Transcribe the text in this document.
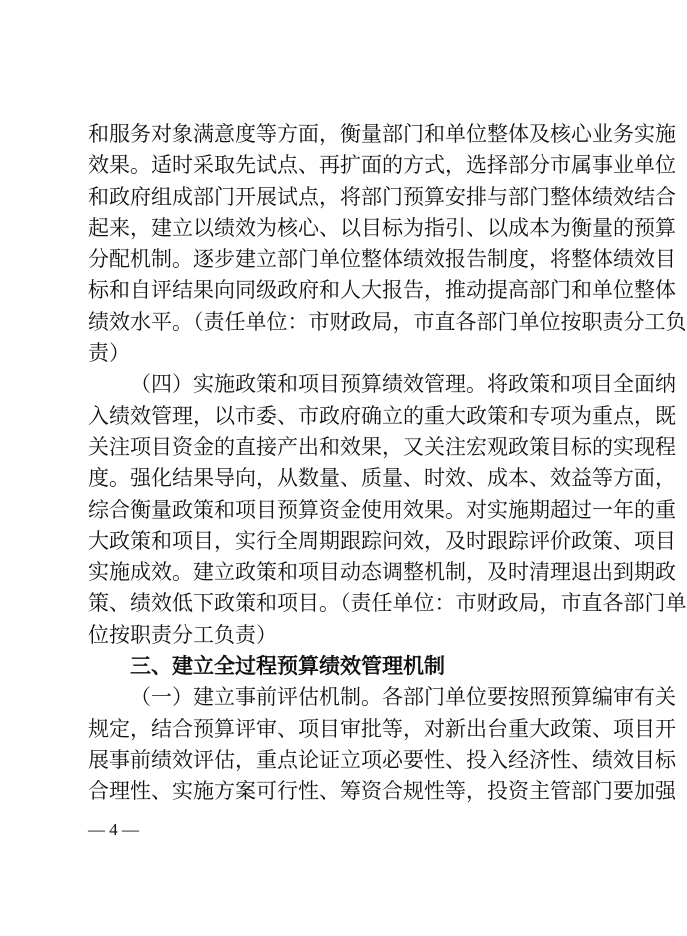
和服务对象满意度等方面，衡量部门和单位整体及核心业务实施
效果。适时采取先试点、再扩面的方式，选择部分市属事业单位
和政府组成部门开展试点，将部门预算安排与部门整体绩效结合
起来，建立以绩效为核心、以目标为指引、以成本为衡量的预算
分配机制。逐步建立部门单位整体绩效报告制度，将整体绩效目
标和自评结果向同级政府和人大报告，推动提高部门和单位整体
绩效水平。（责任单位：市财政局，市直各部门单位按职责分工负
责）
（四）实施政策和项目预算绩效管理。将政策和项目全面纳
入绩效管理，以市委、市政府确立的重大政策和专项为重点，既
关注项目资金的直接产出和效果，又关注宏观政策目标的实现程
度。强化结果导向，从数量、质量、时效、成本、效益等方面，
综合衡量政策和项目预算资金使用效果。对实施期超过一年的重
大政策和项目，实行全周期跟踪问效，及时跟踪评价政策、项目
实施成效。建立政策和项目动态调整机制，及时清理退出到期政
策、绩效低下政策和项目。（责任单位：市财政局，市直各部门单
位按职责分工负责）
三、建立全过程预算绩效管理机制
（一）建立事前评估机制。各部门单位要按照预算编审有关
规定，结合预算评审、项目审批等，对新出台重大政策、项目开
展事前绩效评估，重点论证立项必要性、投入经济性、绩效目标
合理性、实施方案可行性、筹资合规性等，投资主管部门要加强
— 4 —
